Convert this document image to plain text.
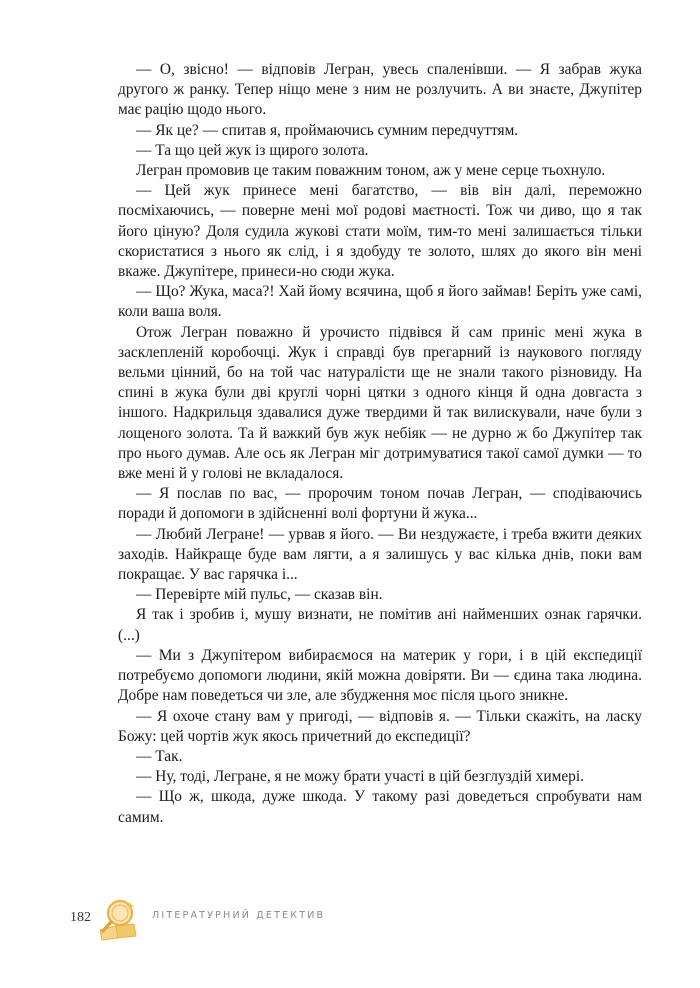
— О, звісно! — відповів Легран, увесь спаленівши. — Я забрав жука другого ж ранку. Тепер ніщо мене з ним не розлучить. А ви знаєте, Джупітер має рацію щодо нього.

— Як це? — спитав я, проймаючись сумним передчуттям.

— Та що цей жук із щирого золота.

Легран промовив це таким поважним тоном, аж у мене серце тьохнуло.

— Цей жук принесе мені багатство, — вів він далі, переможно посміхаючись, — поверне мені мої родові маєтності. Тож чи диво, що я так його ціную? Доля судила жукові стати моїм, тим-то мені залишається тільки скористатися з нього як слід, і я здобуду те золото, шлях до якого він мені вкаже. Джупітере, принеси-но сюди жука.

— Що? Жука, маса?! Хай йому всячина, щоб я його займав! Беріть уже самі, коли ваша воля.

Отож Легран поважно й урочисто підвівся й сам приніс мені жука в засклепленій коробочці. Жук і справді був прегарний із наукового погляду вельми цінний, бо на той час натуралісти ще не знали такого різновиду. На спині в жука були дві круглі чорні цятки з одного кінця й одна довгаста з іншого. Надкрильця здавалися дуже твердими й так вилискували, наче були з лощеного золота. Та й важкий був жук небіяк — не дурно ж бо Джупітер так про нього думав. Але ось як Легран міг дотримуватися такої самої думки — то вже мені й у голові не вкладалося.

— Я послав по вас, — пророчим тоном почав Легран, — сподіваючись поради й допомоги в здійсненні волі фортуни й жука...

— Любий Легране! — урвав я його. — Ви нездужаєте, і треба вжити деяких заходів. Найкраще буде вам лягти, а я залишусь у вас кілька днів, поки вам покращає. У вас гарячка і...

— Перевірте мій пульс, — сказав він.

Я так і зробив і, мушу визнати, не помітив ані найменших ознак гарячки. (...)

— Ми з Джупітером вибираємося на материк у гори, і в цій експедиції потребуємо допомоги людини, якій можна довіряти. Ви — єдина така людина. Добре нам поведеться чи зле, але збудження моє після цього зникне.

— Я охоче стану вам у пригоді, — відповів я. — Тільки скажіть, на ласку Божу: цей чортів жук якось причетний до експедиції?

— Так.

— Ну, тоді, Легране, я не можу брати участі в цій безглуздій химері.

— Що ж, шкода, дуже шкода. У такому разі доведеться спробувати нам самим.

182	ЛІТЕРАТУРНИЙ ДЕТЕКТИВ
